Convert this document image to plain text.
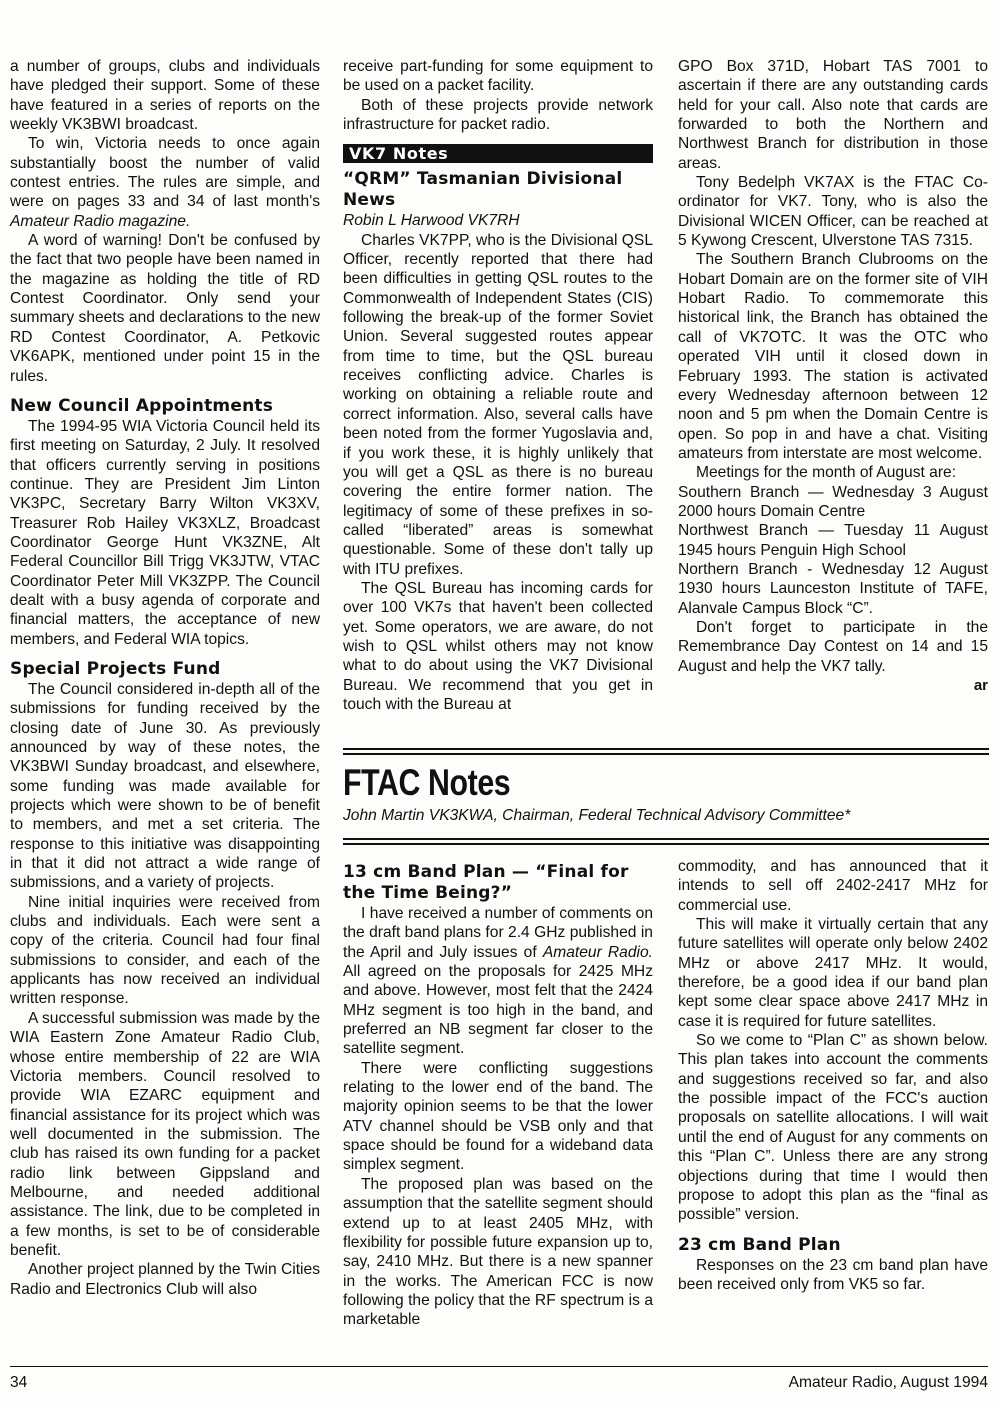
a number of groups, clubs and individuals have pledged their support. Some of these have featured in a series of reports on the weekly VK3BWI broadcast.

To win, Victoria needs to once again substantially boost the number of valid contest entries. The rules are simple, and were on pages 33 and 34 of last month's Amateur Radio magazine.

A word of warning! Don't be confused by the fact that two people have been named in the magazine as holding the title of RD Contest Coordinator. Only send your summary sheets and declarations to the new RD Contest Coordinator, A. Petkovic VK6APK, mentioned under point 15 in the rules.

New Council Appointments

The 1994-95 WIA Victoria Council held its first meeting on Saturday, 2 July. It resolved that officers currently serving in positions continue. They are President Jim Linton VK3PC, Secretary Barry Wilton VK3XV, Treasurer Rob Hailey VK3XLZ, Broadcast Coordinator George Hunt VK3ZNE, Alt Federal Councillor Bill Trigg VK3JTW, VTAC Coordinator Peter Mill VK3ZPP. The Council dealt with a busy agenda of corporate and financial matters, the acceptance of new members, and Federal WIA topics.

Special Projects Fund

The Council considered in-depth all of the submissions for funding received by the closing date of June 30. As previously announced by way of these notes, the VK3BWI Sunday broadcast, and elsewhere, some funding was made available for projects which were shown to be of benefit to members, and met a set criteria. The response to this initiative was disappointing in that it did not attract a wide range of submissions, and a variety of projects.

Nine initial inquiries were received from clubs and individuals. Each were sent a copy of the criteria. Council had four final submissions to consider, and each of the applicants has now received an individual written response.

A successful submission was made by the WIA Eastern Zone Amateur Radio Club, whose entire membership of 22 are WIA Victoria members. Council resolved to provide WIA EZARC equipment and financial assistance for its project which was well documented in the submission. The club has raised its own funding for a packet radio link between Gippsland and Melbourne, and needed additional assistance. The link, due to be completed in a few months, is set to be of considerable benefit.

Another project planned by the Twin Cities Radio and Electronics Club will also

receive part-funding for some equipment to be used on a packet facility.

Both of these projects provide network infrastructure for packet radio.

VK7 Notes
“QRM” Tasmanian Divisional News

Robin L Harwood VK7RH

Charles VK7PP, who is the Divisional QSL Officer, recently reported that there had been difficulties in getting QSL routes to the Commonwealth of Independent States (CIS) following the break-up of the former Soviet Union. Several suggested routes appear from time to time, but the QSL bureau receives conflicting advice. Charles is working on obtaining a reliable route and correct information. Also, several calls have been noted from the former Yugoslavia and, if you work these, it is highly unlikely that you will get a QSL as there is no bureau covering the entire former nation. The legitimacy of some of these prefixes in so-called “liberated” areas is somewhat questionable. Some of these don't tally up with ITU prefixes.

The QSL Bureau has incoming cards for over 100 VK7s that haven't been collected yet. Some operators, we are aware, do not wish to QSL whilst others may not know what to do about using the VK7 Divisional Bureau. We recommend that you get in touch with the Bureau at

GPO Box 371D, Hobart TAS 7001 to ascertain if there are any outstanding cards held for your call. Also note that cards are forwarded to both the Northern and Northwest Branch for distribution in those areas.

Tony Bedelph VK7AX is the FTAC Co-ordinator for VK7. Tony, who is also the Divisional WICEN Officer, can be reached at 5 Kywong Crescent, Ulverstone TAS 7315.

The Southern Branch Clubrooms on the Hobart Domain are on the former site of VIH Hobart Radio. To commemorate this historical link, the Branch has obtained the call of VK7OTC. It was the OTC who operated VIH until it closed down in February 1993. The station is activated every Wednesday afternoon between 12 noon and 5 pm when the Domain Centre is open. So pop in and have a chat. Visiting amateurs from interstate are most welcome.

Meetings for the month of August are:

Southern Branch — Wednesday 3 August 2000 hours Domain Centre

Northwest Branch — Tuesday 11 August 1945 hours Penguin High School

Northern Branch - Wednesday 12 August 1930 hours Launceston Institute of TAFE, Alanvale Campus Block “C”.

Don't forget to participate in the Remembrance Day Contest on 14 and 15 August and help the VK7 tally.

ar

FTAC Notes

John Martin VK3KWA, Chairman, Federal Technical Advisory Committee*

13 cm Band Plan — “Final for the Time Being?”

I have received a number of comments on the draft band plans for 2.4 GHz published in the April and July issues of Amateur Radio. All agreed on the proposals for 2425 MHz and above. However, most felt that the 2424 MHz segment is too high in the band, and preferred an NB segment far closer to the satellite segment.

There were conflicting suggestions relating to the lower end of the band. The majority opinion seems to be that the lower ATV channel should be VSB only and that space should be found for a wideband data simplex segment.

The proposed plan was based on the assumption that the satellite segment should extend up to at least 2405 MHz, with flexibility for possible future expansion up to, say, 2410 MHz. But there is a new spanner in the works. The American FCC is now following the policy that the RF spectrum is a marketable

commodity, and has announced that it intends to sell off 2402-2417 MHz for commercial use.

This will make it virtually certain that any future satellites will operate only below 2402 MHz or above 2417 MHz. It would, therefore, be a good idea if our band plan kept some clear space above 2417 MHz in case it is required for future satellites.

So we come to “Plan C” as shown below. This plan takes into account the comments and suggestions received so far, and also the possible impact of the FCC's auction proposals on satellite allocations. I will wait until the end of August for any comments on this “Plan C”. Unless there are any strong objections during that time I would then propose to adopt this plan as the “final as possible” version.

23 cm Band Plan

Responses on the 23 cm band plan have been received only from VK5 so far.

34	Amateur Radio, August 1994
